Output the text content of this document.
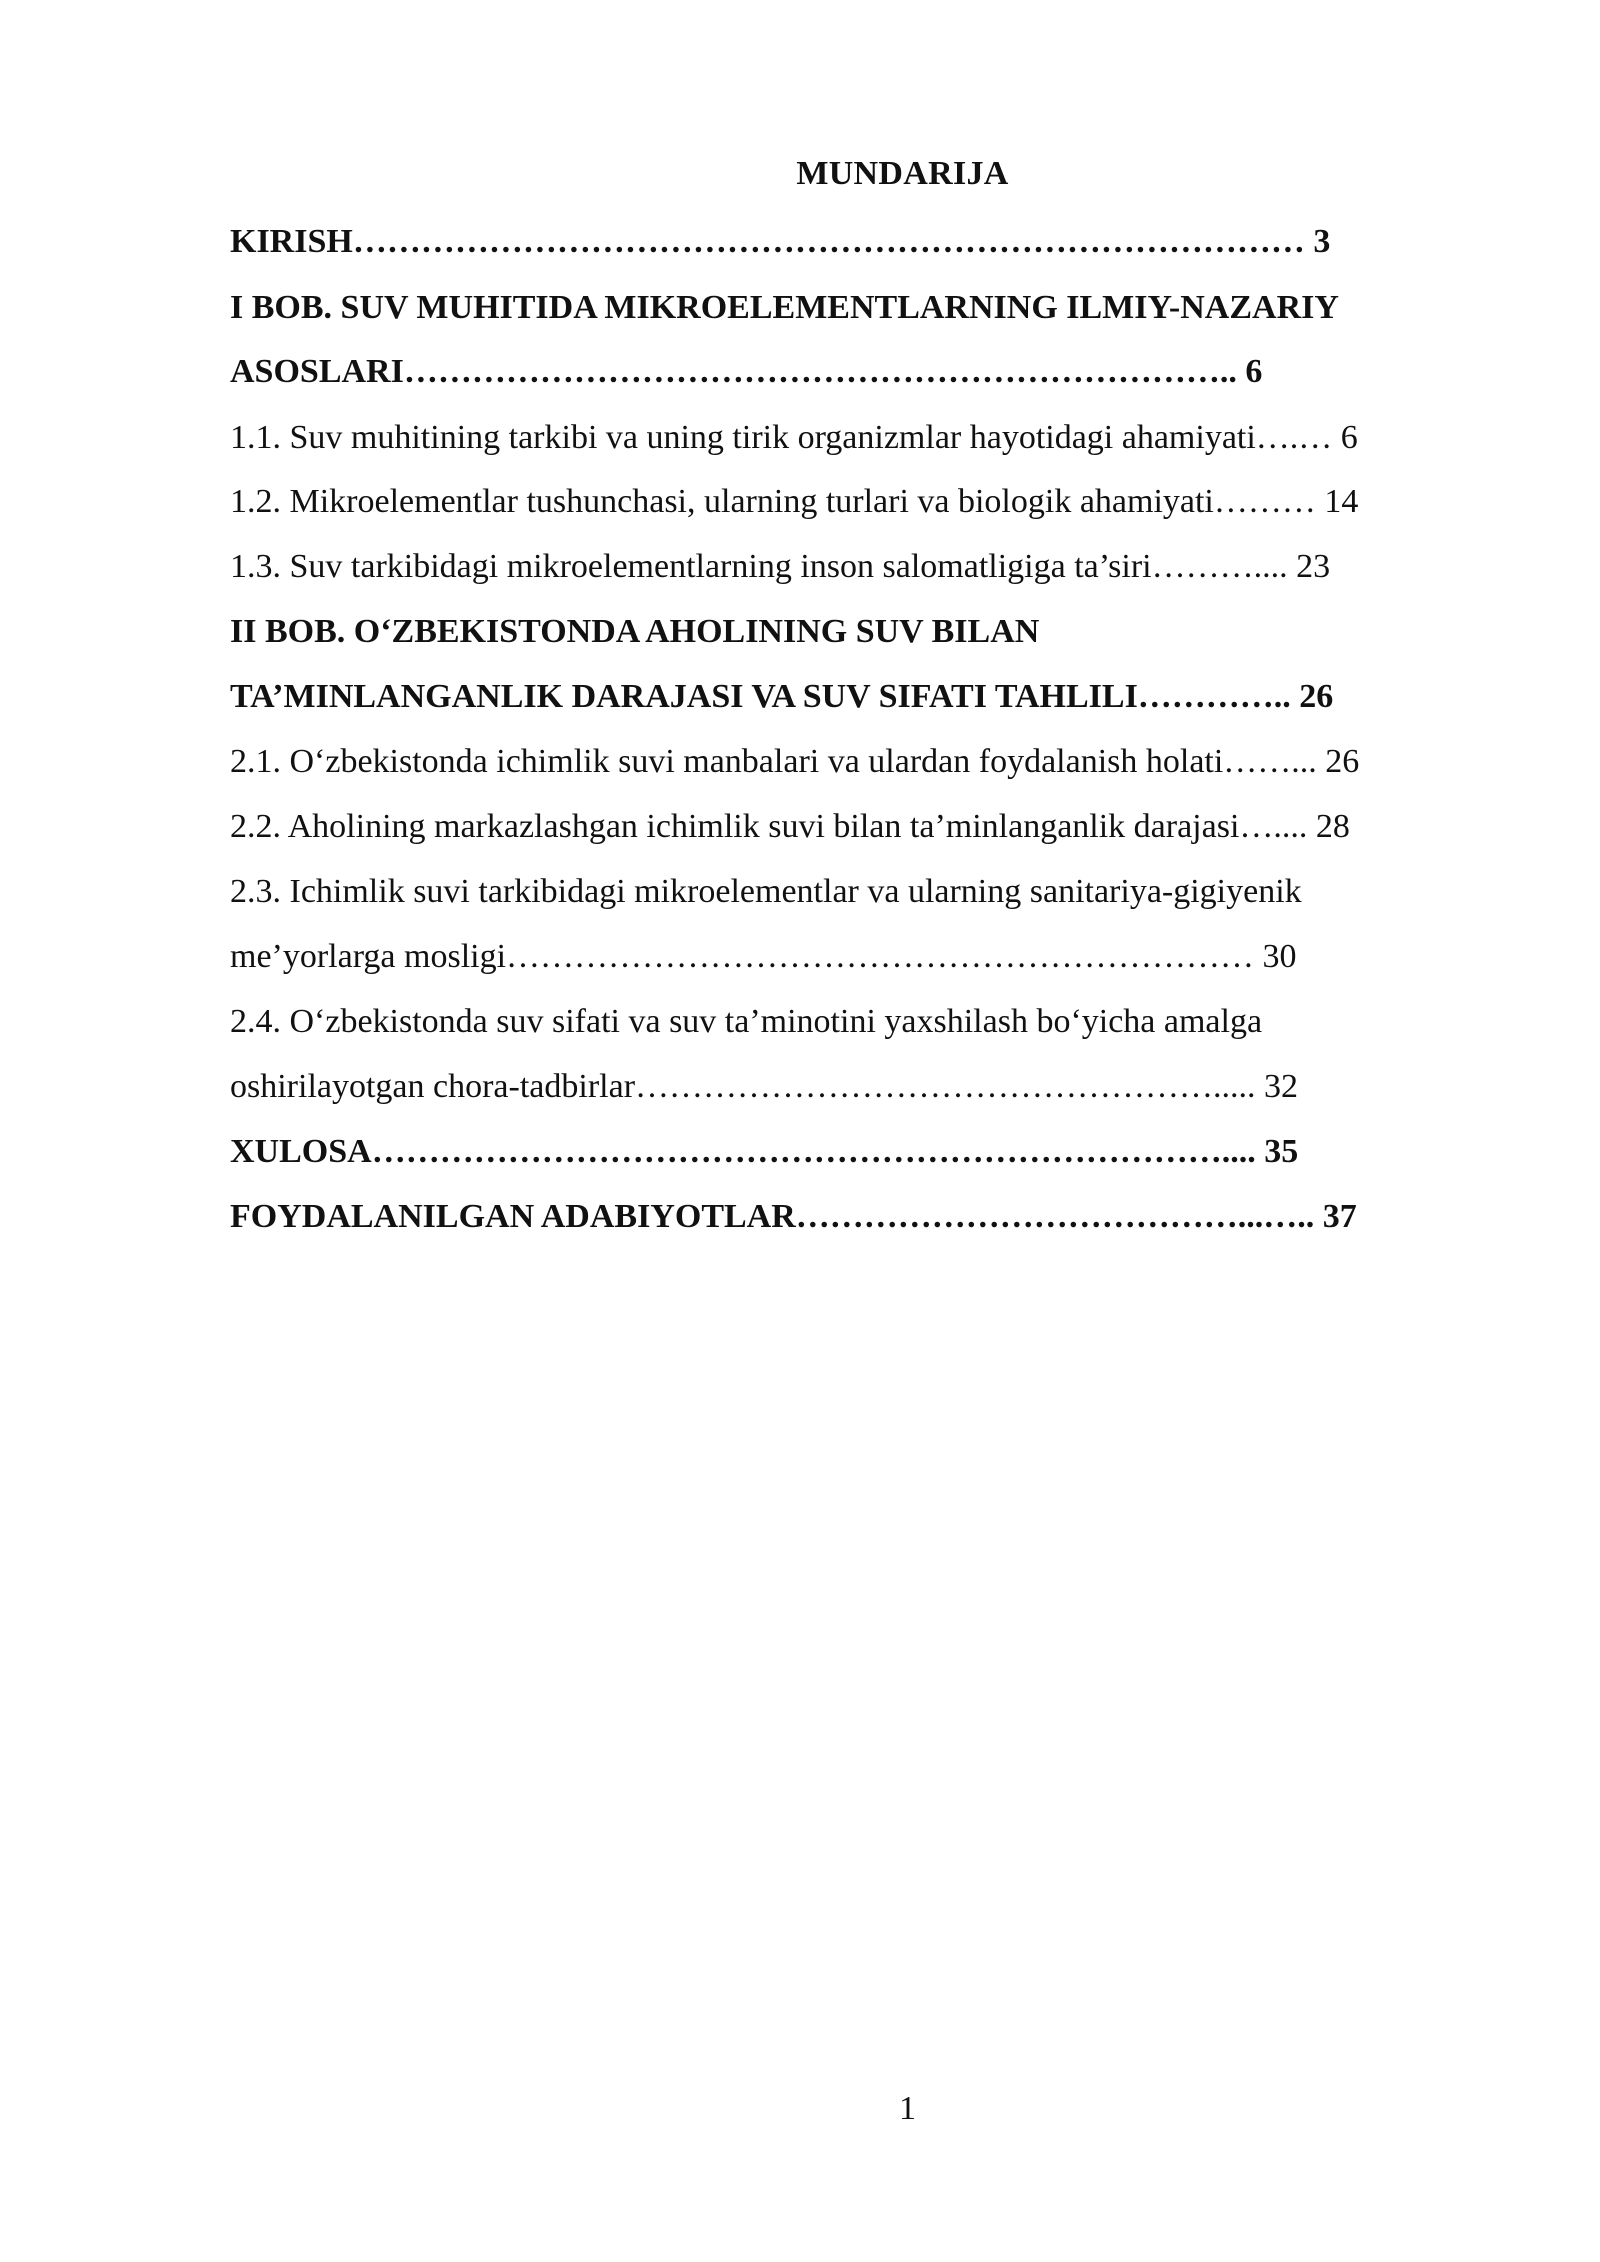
MUNDARIJA
KIRISH………………………………………………………………………… 3
I BOB. SUV MUHITIDA MIKROELEMENTLARNING ILMIY-NAZARIY
ASOSLARI……………………………………………………………….. 6
1.1. Suv muhitining tarkibi va uning tirik organizmlar hayotidagi ahamiyati….… 6
1.2. Mikroelementlar tushunchasi, ularning turlari va biologik ahamiyati……… 14
1.3. Suv tarkibidagi mikroelementlarning inson salomatligiga ta’siri……….... 23
II BOB. O‘ZBEKISTONDA AHOLINING SUV BILAN
TA’MINLANGANLIK DARAJASI VA SUV SIFATI TAHLILI………….. 26
2.1. O‘zbekistonda ichimlik suvi manbalari va ulardan foydalanish holati……... 26
2.2. Aholining markazlashgan ichimlik suvi bilan ta’minlanganlik darajasi….... 28
2.3. Ichimlik suvi tarkibidagi mikroelementlar va ularning sanitariya-gigiyenik
me’yorlarga mosligi………………………………………………………… 30
2.4. O‘zbekistonda suv sifati va suv ta’minotini yaxshilash bo‘yicha amalga
oshirilayotgan chora-tadbirlar……………………………………………..... 32
XULOSA………………………………………………………………….... 35
FOYDALANILGAN ADABIYOTLAR…………………………………...….. 37
1
